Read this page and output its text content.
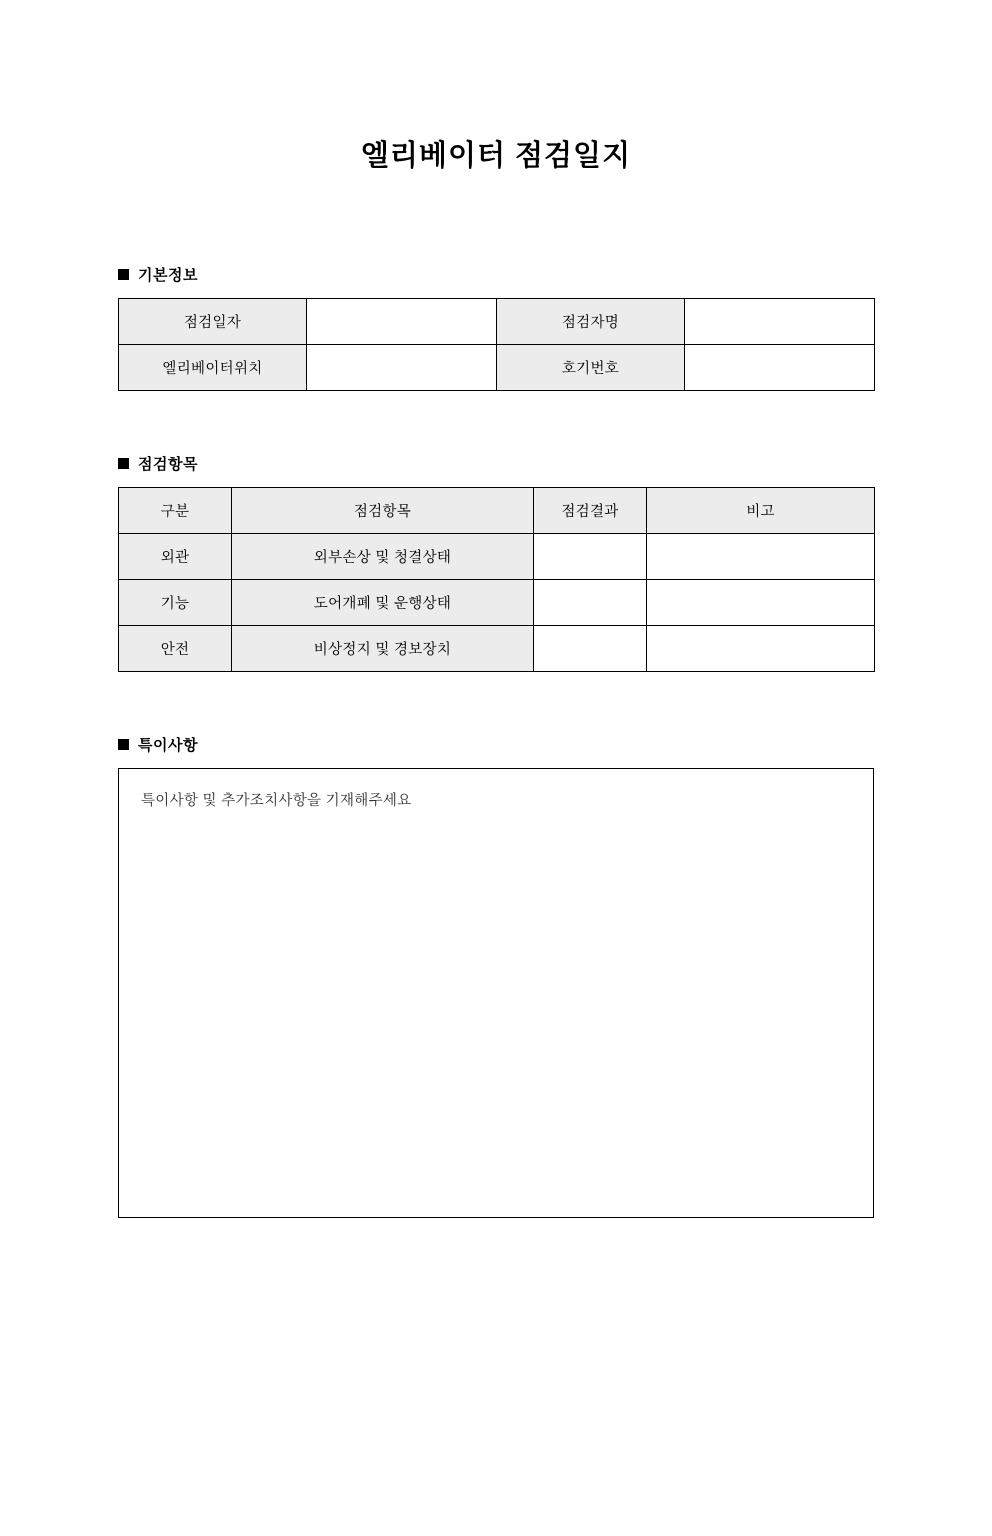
엘리베이터 점검일지
기본정보
점검일자		점검자명	
엘리베이터위치		호기번호	
점검항목
구분	점검항목	점검결과	비고
외관	외부손상 및 청결상태		
기능	도어개폐 및 운행상태		
안전	비상정지 및 경보장치		
특이사항
특이사항 및 추가조치사항을 기재해주세요
